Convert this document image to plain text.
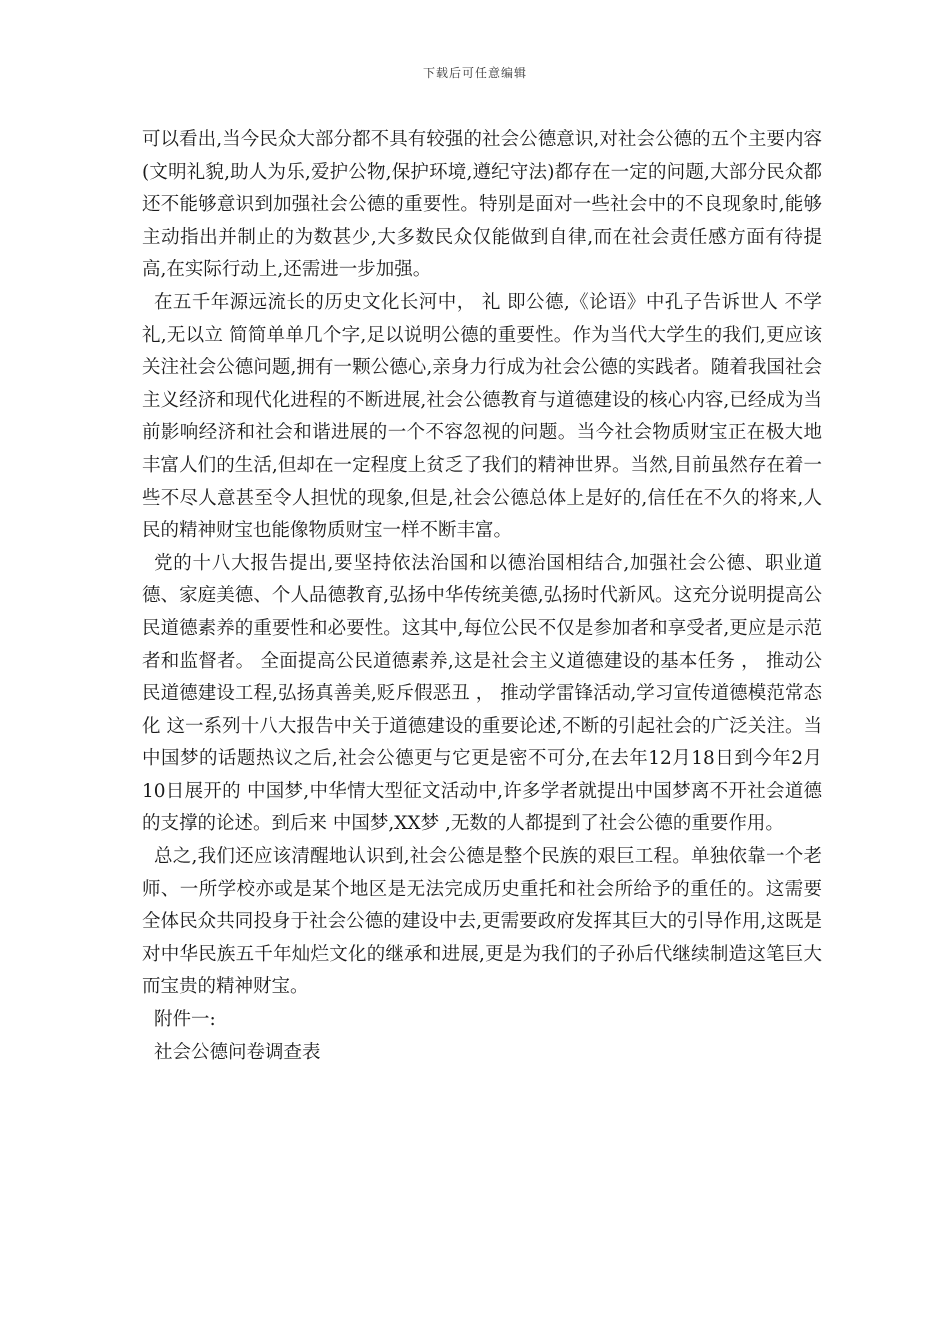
下载后可任意编辑

可以看出,当今民众大部分都不具有较强的社会公德意识,对社会公德的五个主要内容(文明礼貌,助人为乐,爱护公物,保护环境,遵纪守法)都存在一定的问题,大部分民众都还不能够意识到加强社会公德的重要性。特别是面对一些社会中的不良现象时,能够主动指出并制止的为数甚少,大多数民众仅能做到自律,而在社会责任感方面有待提高,在实际行动上,还需进一步加强。

在五千年源远流长的历史文化长河中， 礼 即公德,《论语》中孔子告诉世人 不学礼,无以立 简简单单几个字,足以说明公德的重要性。作为当代大学生的我们,更应该关注社会公德问题,拥有一颗公德心,亲身力行成为社会公德的实践者。随着我国社会主义经济和现代化进程的不断进展,社会公德教育与道德建设的核心内容,已经成为当前影响经济和社会和谐进展的一个不容忽视的问题。当今社会物质财宝正在极大地丰富人们的生活,但却在一定程度上贫乏了我们的精神世界。当然,目前虽然存在着一些不尽人意甚至令人担忧的现象,但是,社会公德总体上是好的,信任在不久的将来,人民的精神财宝也能像物质财宝一样不断丰富。

党的十八大报告提出,要坚持依法治国和以德治国相结合,加强社会公德、职业道德、家庭美德、个人品德教育,弘扬中华传统美德,弘扬时代新风。这充分说明提高公民道德素养的重要性和必要性。这其中,每位公民不仅是参加者和享受者,更应是示范者和监督者。 全面提高公民道德素养,这是社会主义道德建设的基本任务 ， 推动公民道德建设工程,弘扬真善美,贬斥假恶丑 ， 推动学雷锋活动,学习宣传道德模范常态化 这一系列十八大报告中关于道德建设的重要论述,不断的引起社会的广泛关注。当中国梦的话题热议之后,社会公德更与它更是密不可分,在去年12月18日到今年2月10日展开的 中国梦,中华情大型征文活动中,许多学者就提出中国梦离不开社会道德的支撑的论述。到后来 中国梦,XX梦 ,无数的人都提到了社会公德的重要作用。

总之,我们还应该清醒地认识到,社会公德是整个民族的艰巨工程。单独依靠一个老师、一所学校亦或是某个地区是无法完成历史重托和社会所给予的重任的。这需要全体民众共同投身于社会公德的建设中去,更需要政府发挥其巨大的引导作用,这既是对中华民族五千年灿烂文化的继承和进展,更是为我们的子孙后代继续制造这笔巨大而宝贵的精神财宝。

附件一:

社会公德问卷调查表
